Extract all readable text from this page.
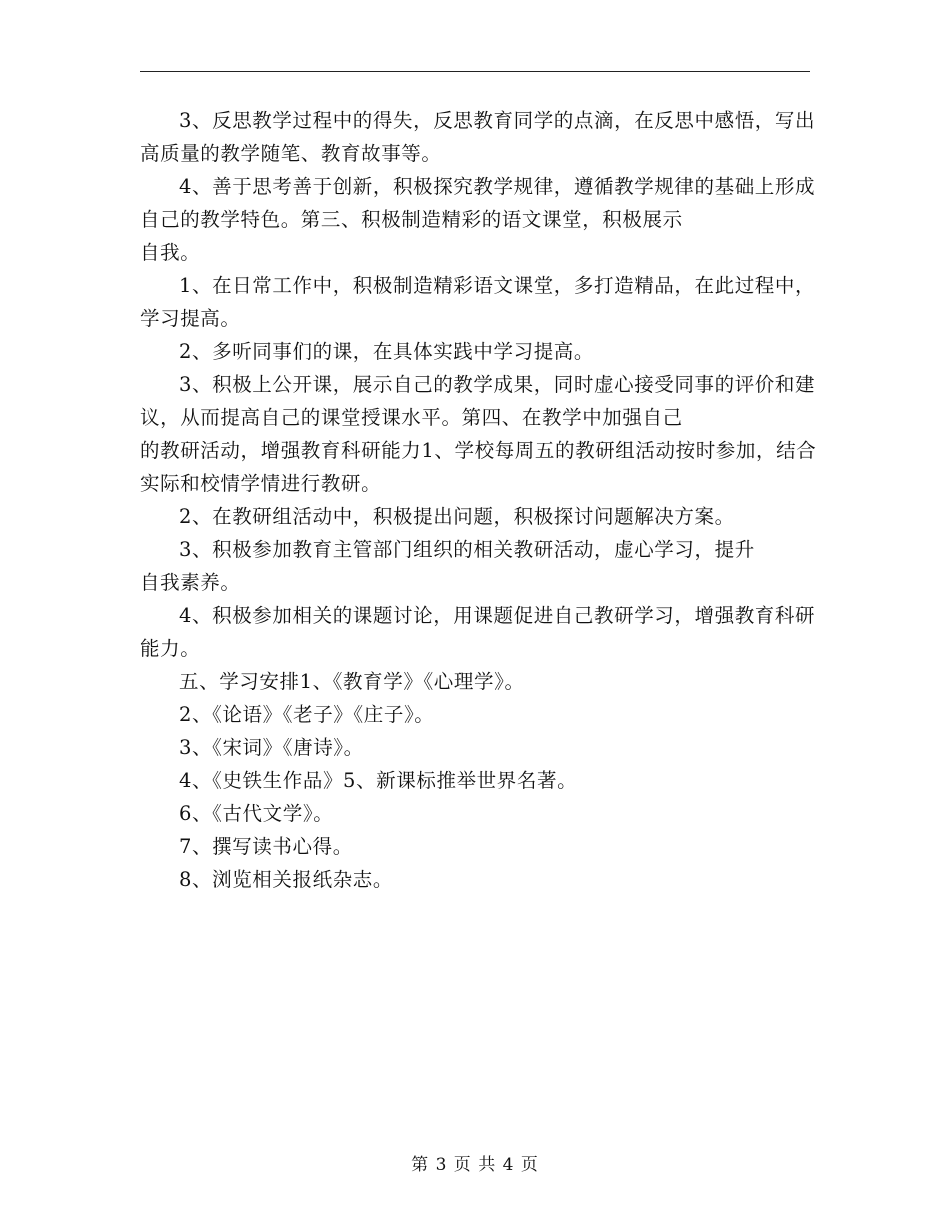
3、反思教学过程中的得失，反思教育同学的点滴，在反思中感悟，写出高质量的教学随笔、教育故事等。

4、善于思考善于创新，积极探究教学规律，遵循教学规律的基础上形成自己的教学特色。第三、积极制造精彩的语文课堂，积极展示
自我。

1、在日常工作中，积极制造精彩语文课堂，多打造精品，在此过程中，学习提高。

2、多听同事们的课，在具体实践中学习提高。

3、积极上公开课，展示自己的教学成果，同时虚心接受同事的评价和建议，从而提高自己的课堂授课水平。第四、在教学中加强自己
的教研活动，增强教育科研能力1、学校每周五的教研组活动按时参加，结合实际和校情学情进行教研。

2、在教研组活动中，积极提出问题，积极探讨问题解决方案。

3、积极参加教育主管部门组织的相关教研活动，虚心学习，提升
自我素养。

4、积极参加相关的课题讨论，用课题促进自己教研学习，增强教育科研能力。

五、学习安排1、《教育学》《心理学》。

2、《论语》《老子》《庄子》。

3、《宋词》《唐诗》。

4、《史铁生作品》5、新课标推举世界名著。

6、《古代文学》。

7、撰写读书心得。

8、浏览相关报纸杂志。

第 3 页 共 4 页
